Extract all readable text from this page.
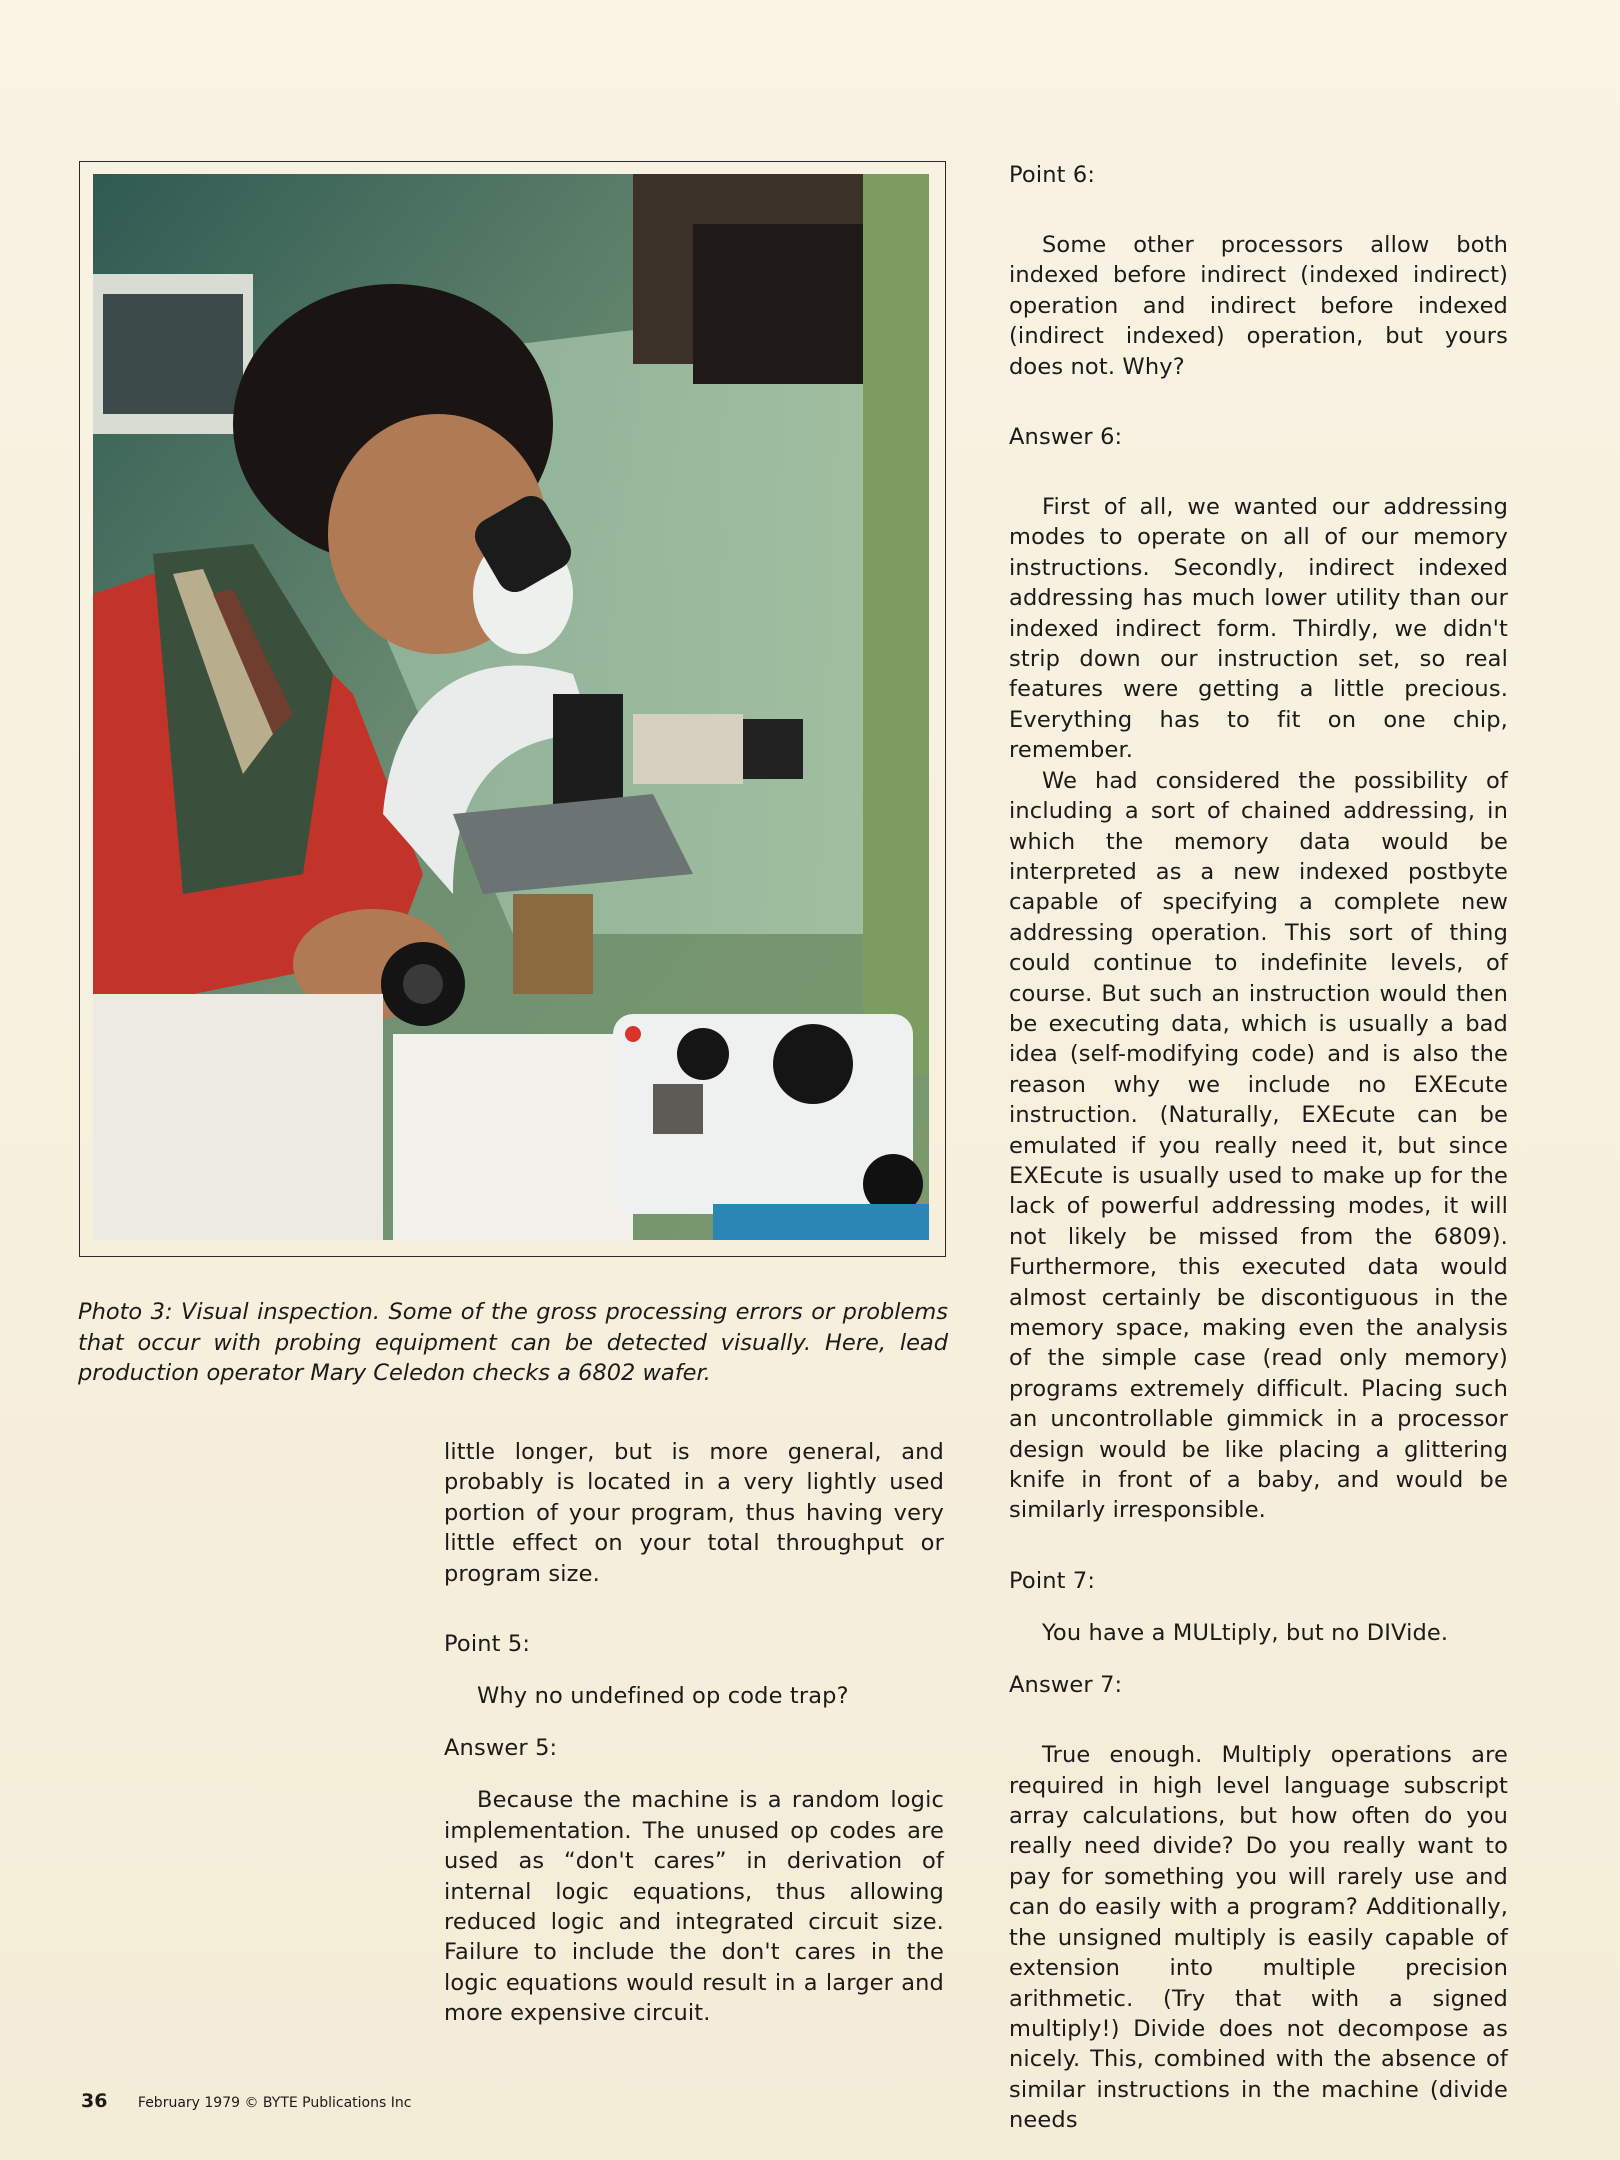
Photo 3: Visual inspection. Some of the gross processing errors or problems that occur with probing equipment can be detected visually. Here, lead production operator Mary Celedon checks a 6802 wafer.

little longer, but is more general, and probably is located in a very lightly used portion of your program, thus having very little effect on your total throughput or program size.

Point 5:
Why no undefined op code trap?
Answer 5:

Because the machine is a random logic implementation. The unused op codes are used as “don't cares” in derivation of internal logic equations, thus allowing reduced logic and integrated circuit size. Failure to include the don't cares in the logic equations would result in a larger and more expensive circuit.

Point 6:

Some other processors allow both indexed before indirect (indexed indirect) operation and indirect before indexed (indirect indexed) operation, but yours does not. Why?

Answer 6:

First of all, we wanted our addressing modes to operate on all of our memory instructions. Secondly, indirect indexed addressing has much lower utility than our indexed indirect form. Thirdly, we didn't strip down our instruction set, so real features were getting a little precious. Everything has to fit on one chip, remember.

We had considered the possibility of including a sort of chained addressing, in which the memory data would be interpreted as a new indexed postbyte capable of specifying a complete new addressing operation. This sort of thing could continue to indefinite levels, of course. But such an instruction would then be executing data, which is usually a bad idea (self-modifying code) and is also the reason why we include no EXEcute instruction. (Naturally, EXEcute can be emulated if you really need it, but since EXEcute is usually used to make up for the lack of powerful addressing modes, it will not likely be missed from the 6809). Furthermore, this executed data would almost certainly be discontiguous in the memory space, making even the analysis of the simple case (read only memory) programs extremely difficult. Placing such an uncontrollable gimmick in a processor design would be like placing a glittering knife in front of a baby, and would be similarly irresponsible.

Point 7:
You have a MULtiply, but no DIVide.
Answer 7:

True enough. Multiply operations are required in high level language subscript array calculations, but how often do you really need divide? Do you really want to pay for something you will rarely use and can do easily with a program? Additionally, the unsigned multiply is easily capable of extension into multiple precision arithmetic. (Try that with a signed multiply!) Divide does not decompose as nicely. This, combined with the absence of similar instructions in the machine (divide needs

36 February 1979 © BYTE Publications Inc
